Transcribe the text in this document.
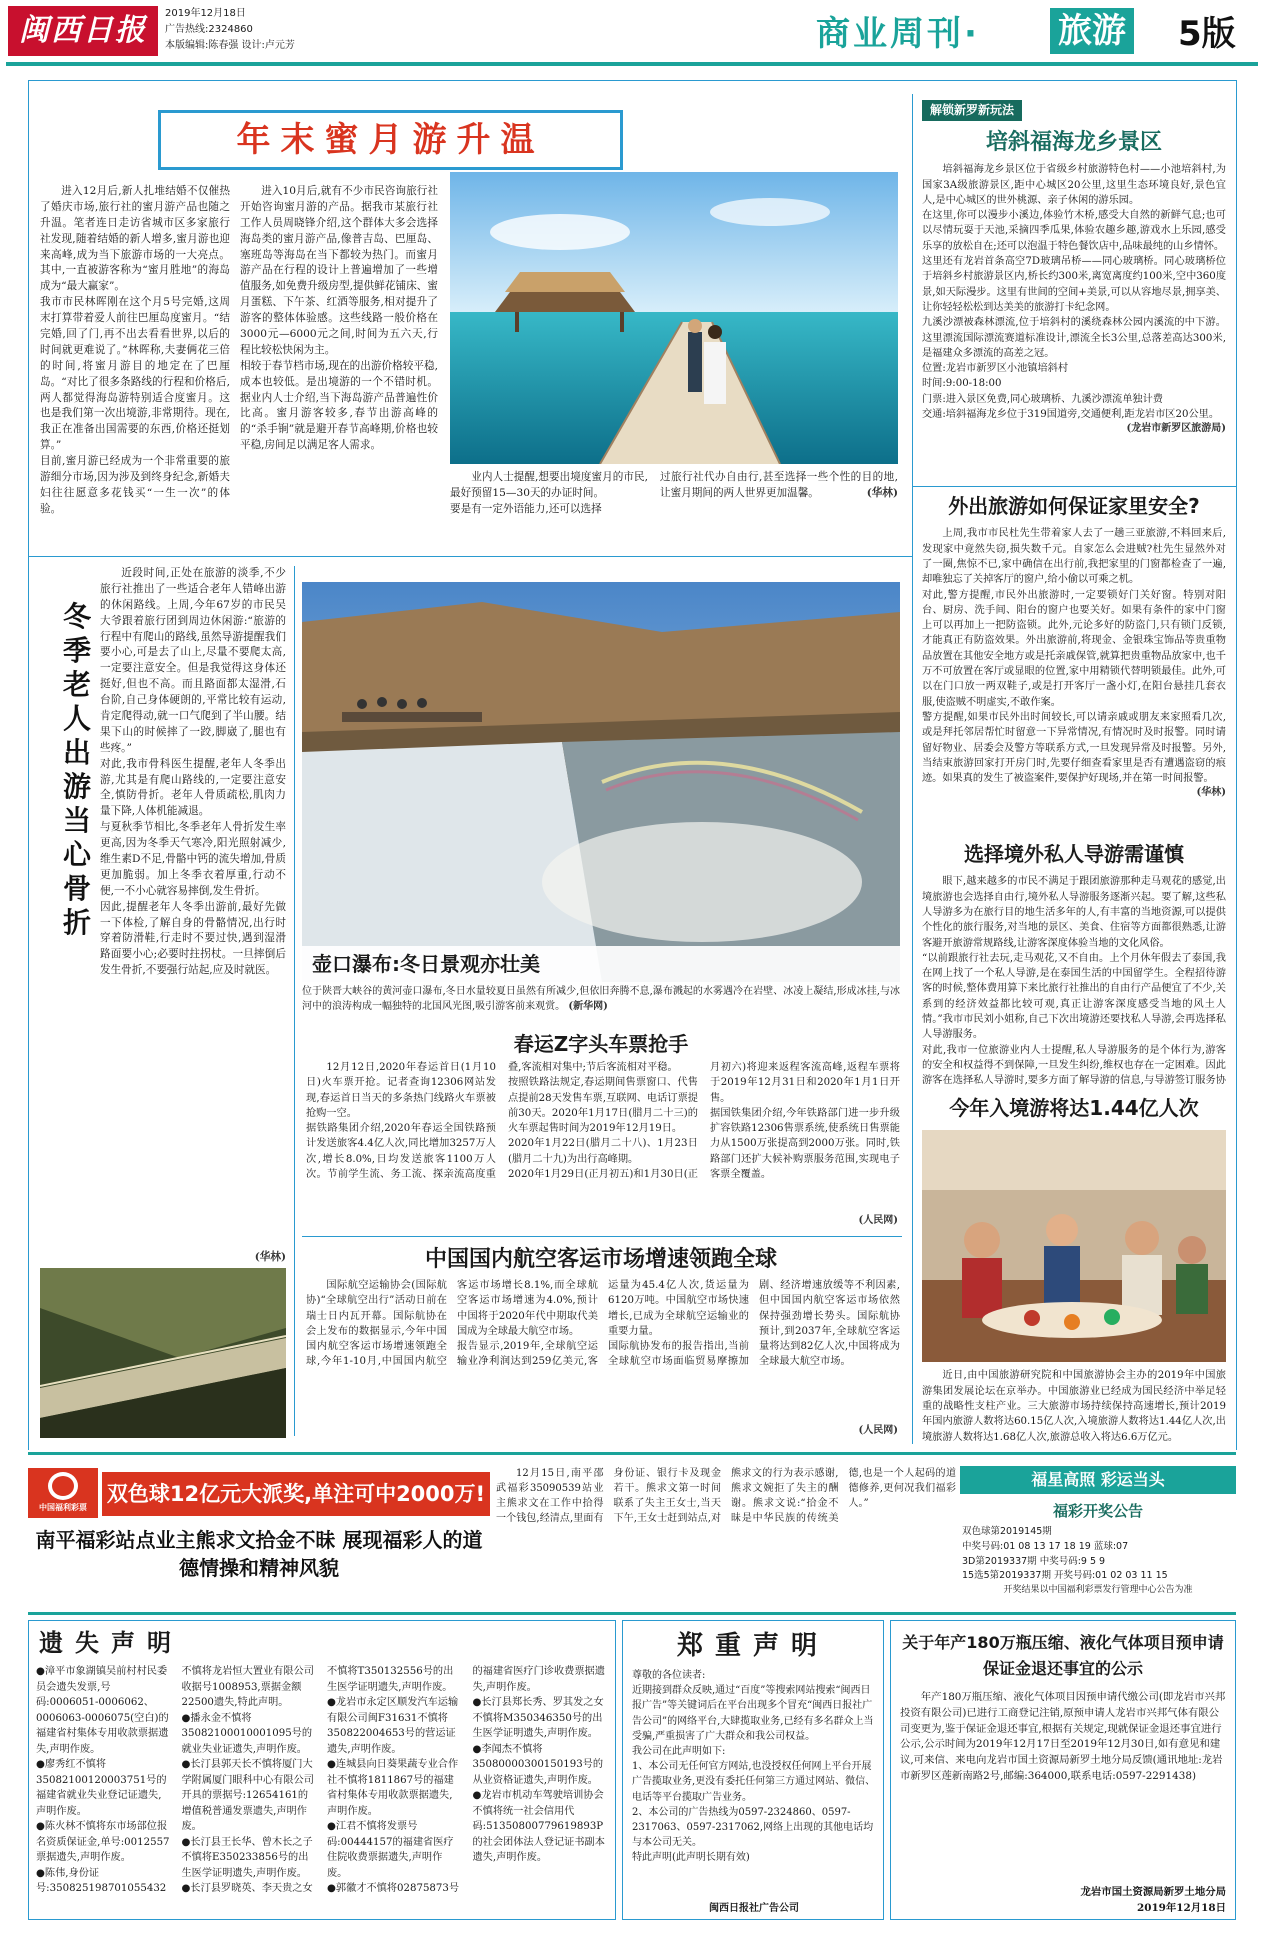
闽西日报	2019年12月18日
广告热线:2324860
本版编辑:陈春强 设计:卢元芳	商业周刊· 旅游 5版
年末蜜月游升温
进入12月后,新人扎堆结婚不仅催热了婚庆市场,旅行社的蜜月游产品也随之升温。笔者连日走访省城市区多家旅行社发现,随着结婚的新人增多,蜜月游也迎来高峰,成为当下旅游市场的一大亮点。其中,一直被游客称为“蜜月胜地”的海岛成为“最大赢家”。
我市市民林晖刚在这个月5号完婚,这周末打算带着爱人前往巴厘岛度蜜月。“结完婚,回了门,再不出去看看世界,以后的时间就更难说了。”林晖称,夫妻俩花三倍的时间,将蜜月游目的地定在了巴厘岛。“对比了很多条路线的行程和价格后,两人都觉得海岛游特别适合度蜜月。这也是我们第一次出境游,非常期待。现在,我正在准备出国需要的东西,价格还挺划算。”
目前,蜜月游已经成为一个非常重要的旅游细分市场,因为涉及到终身纪念,新婚夫妇往往愿意多花钱买“一生一次”的体验。
进入10月后,就有不少市民咨询旅行社开始咨询蜜月游的产品。据我市某旅行社工作人员周晓锋介绍,这个群体大多会选择海岛类的蜜月游产品,像普吉岛、巴厘岛、塞班岛等海岛在当下都较为热门。而蜜月游产品在行程的设计上普遍增加了一些增值服务,如免费升级房型,提供鲜花铺床、蜜月蛋糕、下午茶、红酒等服务,相对提升了游客的整体体验感。这些线路一般价格在3000元—6000元之间,时间为五六天,行程比较松快闲为主。
相较于春节档市场,现在的出游价格较平稳,成本也较低。是出境游的一个不错时机。据业内人士介绍,当下海岛游产品普遍性价比高。蜜月游客较多,春节出游高峰的的“杀手锏”就是避开春节高峰期,价格也较平稳,房间足以满足客人需求。
业内人士提醒,想要出境度蜜月的市民,最好预留15—30天的办证时间。
要是有一定外语能力,还可以选择
过旅行社代办自由行,甚至选择一些个性的目的地,让蜜月期间的两人世界更加温馨。	(华林)
解锁新罗新玩法
培斜福海龙乡景区
培斜福海龙乡景区位于省级乡村旅游特色村——小池培斜村,为国家3A级旅游景区,距中心城区20公里,这里生态环境良好,景色宜人,是中心城区的世外桃源、亲子休闲的游乐园。
在这里,你可以漫步小溪边,体验竹木桥,感受大自然的新鲜气息;也可以尽情玩耍于天池,采摘四季瓜果,体验农趣乡趣,游戏水上乐园,感受乐享的放松自在;还可以泡温于特色餐饮店中,品味最纯的山乡情怀。
这里还有龙岩首条高空7D玻璃吊桥——同心玻璃桥。同心玻璃桥位于培斜乡村旅游景区内,桥长约300米,离宽离度约100米,空中360度景,如天际漫步。这里有世间的空间+美景,可以从容地尽景,拥享美、让你轻轻松松到达美美的旅游打卡纪念网。
九溪沙漂被森林漂流,位于培斜村的溪绕森林公园内溪流的中下游。这里漂流国际漂流赛道标准设计,漂流全长3公里,总落差高达300米,是福建众多漂流的高差之冠。
位置:龙岩市新罗区小池镇培斜村
时间:9:00-18:00
门票:进入景区免费,同心玻璃桥、九溪沙漂流单独计费
交通:培斜福海龙乡位于319国道旁,交通便利,距龙岩市区20公里。
(龙岩市新罗区旅游局)
外出旅游如何保证家里安全?
上周,我市市民杜先生带着家人去了一趟三亚旅游,不料回来后,发现家中竟然失窃,损失数千元。自家怎么会进贼?杜先生显然外对了一圈,焦惊不已,家中确信在出行前,我把家里的门窗都检查了一遍,却唯独忘了关掉客厅的窗户,给小偷以可乘之机。
对此,警方提醒,市民外出旅游时,一定要锁好门关好窗。特别对阳台、厨房、洗手间、阳台的窗户也要关好。如果有条件的家中门窗上可以再加上一把防盗锁。此外,元论多好的防盗门,只有锁门反锁,才能真正有防盗效果。外出旅游前,将现金、金银珠宝饰品等贵重物品放置在其他安全地方或是托亲戚保管,就算把贵重物品放家中,也千万不可放置在客厅或显眼的位置,家中用精锁代替明锁最佳。此外,可以在门口放一两双鞋子,或是打开客厅一盏小灯,在阳台悬挂几套衣服,使盗贼不明虚实,不敢作案。
警方提醒,如果市民外出时间较长,可以请亲戚或朋友来家照看几次,或是拜托邻居帮忙时留意一下异常情况,有情况时及时报警。同时请留好物业、居委会及警方等联系方式,一旦发现异常及时报警。另外,当结束旅游回家打开房门时,先要仔细查看家里是否有遭遇盗窃的痕迹。如果真的发生了被盗案件,要保护好现场,并在第一时间报警。
(华林)
选择境外私人导游需谨慎
眼下,越来越多的市民不满足于跟团旅游那种走马观花的感觉,出境旅游也会选择自由行,境外私人导游服务逐渐兴起。要了解,这些私人导游多为在旅行目的地生活多年的人,有丰富的当地资源,可以提供个性化的旅行服务,对当地的景区、美食、住宿等方面都很熟悉,让游客避开旅游常规路线,让游客深度体验当地的文化风俗。
“以前跟旅行社去玩,走马观花,又不自由。上个月休年假去了泰国,我在网上找了一个私人导游,是在泰国生活的中国留学生。全程招待游客的时候,整体费用算下来比旅行社推出的自由行产品便宜了不少,关系到的经济效益都比较可观,真正让游客深度感受当地的风土人情。”我市市民刘小姐称,自己下次出境游还要找私人导游,会再选择私人导游服务。
对此,我市一位旅游业内人士提醒,私人导游服务的是个体行为,游客的安全和权益得不到保障,一旦发生纠纷,维权也存在一定困难。因此游客在选择私人导游时,要多方面了解导游的信息,与导游签订服务协
今年入境游将达1.44亿人次
近日,由中国旅游研究院和中国旅游协会主办的2019年中国旅游集团发展论坛在京举办。中国旅游业已经成为国民经济中举足轻重的战略性支柱产业。三大旅游市场持续保持高速增长,预计2019年国内旅游人数将达60.15亿人次,入境旅游人数将达1.44亿人次,出境旅游人数将达1.68亿人次,旅游总收入将达6.6万亿元。
冬季老人出游当心骨折
近段时间,正处在旅游的淡季,不少旅行社推出了一些适合老年人错峰出游的休闲路线。上周,今年67岁的市民吴大爷跟着旅行团到周边休闲游:“旅游的行程中有爬山的路线,虽然导游提醒我们要小心,可是去了山上,尽量不要爬太高,一定要注意安全。但是我觉得这身体还挺好,但也不高。而且路面都太湿滑,石台阶,自己身体硬朗的,平常比较有运动,肯定爬得动,就一口气爬到了半山腰。结果下山的时候摔了一跤,脚崴了,腿也有些疼。”
对此,我市骨科医生提醒,老年人冬季出游,尤其是有爬山路线的,一定要注意安全,慎防骨折。老年人骨质疏松,肌肉力量下降,人体机能减退。
与夏秋季节相比,冬季老年人骨折发生率更高,因为冬季天气寒冷,阳光照射减少,维生素D不足,骨骼中钙的流失增加,骨质更加脆弱。加上冬季衣着厚重,行动不便,一不小心就容易摔倒,发生骨折。
因此,提醒老年人冬季出游前,最好先做一下体检,了解自身的骨骼情况,出行时穿着防滑鞋,行走时不要过快,遇到湿滑路面要小心;必要时拄拐杖。一旦摔倒后发生骨折,不要强行站起,应及时就医。
(华林)
壶口瀑布:冬日景观亦壮美
位于陕晋大峡谷的黄河壶口瀑布,冬日水量较夏日虽然有所减少,但依旧奔腾不息,瀑布溅起的水雾遇冷在岩壁、冰凌上凝结,形成冰挂,与冰河中的浪涛构成一幅独特的北国风光图,吸引游客前来观赏。 (新华网)
春运Z字头车票抢手
12月12日,2020年春运首日(1月10日)火车票开抢。记者查询12306网站发现,春运首日当天的多条热门线路火车票被抢购一空。
据铁路集团介绍,2020年春运全国铁路预计发送旅客4.4亿人次,同比增加3257万人次,增长8.0%,日均发送旅客1100万人次。节前学生流、务工流、探亲流高度重叠,客流相对集中;节后客流相对平稳。
按照铁路法规定,春运期间售票窗口、代售点提前28天发售车票,互联网、电话订票提前30天。2020年1月17日(腊月二十三)的火车票起售时间为2019年12月19日。
2020年1月22日(腊月二十八)、1月23日(腊月二十九)为出行高峰期。
2020年1月29日(正月初五)和1月30日(正月初六)将迎来返程客流高峰,返程车票将于2019年12月31日和2020年1月1日开售。
据国铁集团介绍,今年铁路部门进一步升级扩容铁路12306售票系统,使系统日售票能力从1500万张提高到2000万张。同时,铁路部门还扩大候补购票服务范围,实现电子客票全覆盖。
(人民网)
中国国内航空客运市场增速领跑全球
国际航空运输协会(国际航协)“全球航空出行”活动日前在瑞士日内瓦开幕。国际航协在会上发布的数据显示,今年中国国内航空客运市场增速领跑全球,今年1-10月,中国国内航空客运市场增长8.1%,而全球航空客运市场增速为4.0%,预计中国将于2020年代中期取代美国成为全球最大航空市场。
报告显示,2019年,全球航空运输业净利润达到259亿美元,客运量为45.4亿人次,货运量为6120万吨。中国航空市场快速增长,已成为全球航空运输业的重要力量。
国际航协发布的报告指出,当前全球航空市场面临贸易摩擦加剧、经济增速放缓等不利因素,但中国国内航空客运市场依然保持强劲增长势头。国际航协预计,到2037年,全球航空客运量将达到82亿人次,中国将成为全球最大航空市场。
(人民网)
中国福利彩票
双色球12亿元大派奖,单注可中2000万!
南平福彩站点业主熊求文拾金不昧 展现福彩人的道德情操和精神风貌
12月15日,南平邵武福彩35090539站业主熊求文在工作中拾得一个钱包,经清点,里面有身份证、银行卡及现金若干。熊求文第一时间联系了失主王女士,当天下午,王女士赶到站点,对熊求文的行为表示感谢,熊求文婉拒了失主的酬谢。熊求文说:“拾金不昧是中华民族的传统美德,也是一个人起码的道德修养,更何况我们福彩人。”
福星高照 彩运当头
福彩开奖公告
双色球第2019145期
中奖号码:01 08 13 17 18 19 蓝球:07
3D第2019337期 中奖号码:9 5 9
15选5第2019337期 开奖号码:01 02 03 11 15
开奖结果以中国福利彩票发行管理中心公告为准
遗失声明
●漳平市象湖镇吴前村村民委员会遗失发票,号码:0006051-0006062、0006063-0006075(空白)的福建省村集体专用收款票据遗失,声明作废。
●廖秀红不慎将35082100120003751号的福建省就业失业登记证遗失,声明作废。
●陈火林不慎将东市场部位报名资质保证金,单号:0012557票据遗失,声明作废。
●陈伟,身份证号:350825198701055432不慎将龙岩恒大置业有限公司收据号1008953,票据金额22500遗失,特此声明。
●播永金不慎将35082100010001095号的就业失业证遗失,声明作废。
●长汀县郭天长不慎将厦门大学附属厦门眼科中心有限公司开具的票据号:12654161的增值税普通发票遗失,声明作废。
●长汀县王长华、曾木长之子不慎将E350233856号的出生医学证明遗失,声明作废。
●长汀县罗晓英、李天贵之女不慎将T350132556号的出生医学证明遗失,声明作废。
●龙岩市永定区顺发汽车运输有限公司闽F31631不慎将350822004653号的营运证遗失,声明作废。
●连城县向日葵果蔬专业合作社不慎将1811867号的福建省村集体专用收款票据遗失,声明作废。
●江君不慎将发票号码:00444157的福建省医疗住院收费票据遗失,声明作废。
●郭徽才不慎将02875873号的福建省医疗门诊收费票据遗失,声明作废。
●长汀县郑长秀、罗其发之女不慎将M350346350号的出生医学证明遗失,声明作废。
●李闻杰不慎将35080000300150193号的从业资格证遗失,声明作废。
●龙岩市机动车驾驶培训协会不慎将统一社会信用代码:51350800779619893P的社会团体法人登记证书副本遗失,声明作废。
郑重声明
尊敬的各位读者:
近期接到群众反映,通过“百度”等搜索网站搜索“闽西日报广告”等关键词后在平台出现多个冒充“闽西日报社广告公司”的网络平台,大肆揽取业务,已经有多名群众上当受骗,严重损害了广大群众和我公司权益。
我公司在此声明如下:
1、本公司无任何官方网站,也没授权任何网上平台开展广告揽取业务,更没有委托任何第三方通过网站、微信、电话等平台揽取广告业务。
2、本公司的广告热线为0597-2324860、0597-2317063、0597-2317062,网络上出现的其他电话均与本公司无关。
特此声明(此声明长期有效)
闽西日报社广告公司
关于年产180万瓶压缩、液化气体项目预申请保证金退还事宜的公示
年产180万瓶压缩、液化气体项目因预申请代缴公司(即龙岩市兴邦投资有限公司)已进行工商登记注销,原预申请人龙岩市兴邦气体有限公司变更为,鉴于保证金退还事宜,根据有关规定,现就保证金退还事宜进行公示,公示时间为2019年12月17日至2019年12月30日,如有意见和建议,可来信、来电向龙岩市国土资源局新罗土地分局反馈(通讯地址:龙岩市新罗区莲新南路2号,邮编:364000,联系电话:0597-2291438)
龙岩市国土资源局新罗土地分局
2019年12月18日
